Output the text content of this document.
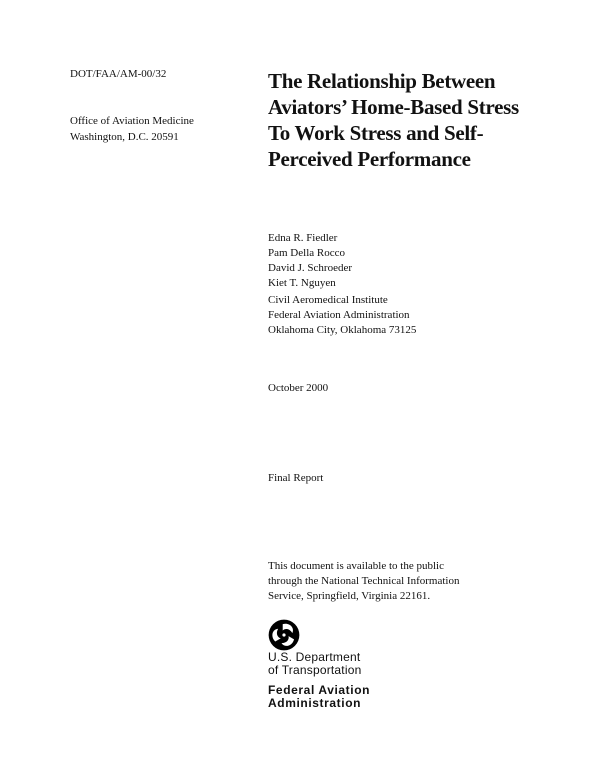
DOT/FAA/AM-00/32
Office of Aviation Medicine
Washington, D.C. 20591
The Relationship Between
Aviators’ Home-Based Stress
To Work Stress and Self-
Perceived Performance
Edna R. Fiedler
Pam Della Rocco
David J. Schroeder
Kiet T. Nguyen
Civil Aeromedical Institute
Federal Aviation Administration
Oklahoma City, Oklahoma 73125
October 2000
Final Report
This document is available to the public
through the National Technical Information
Service, Springfield, Virginia 22161.
U.S. Department
of Transportation
Federal Aviation
Administration
